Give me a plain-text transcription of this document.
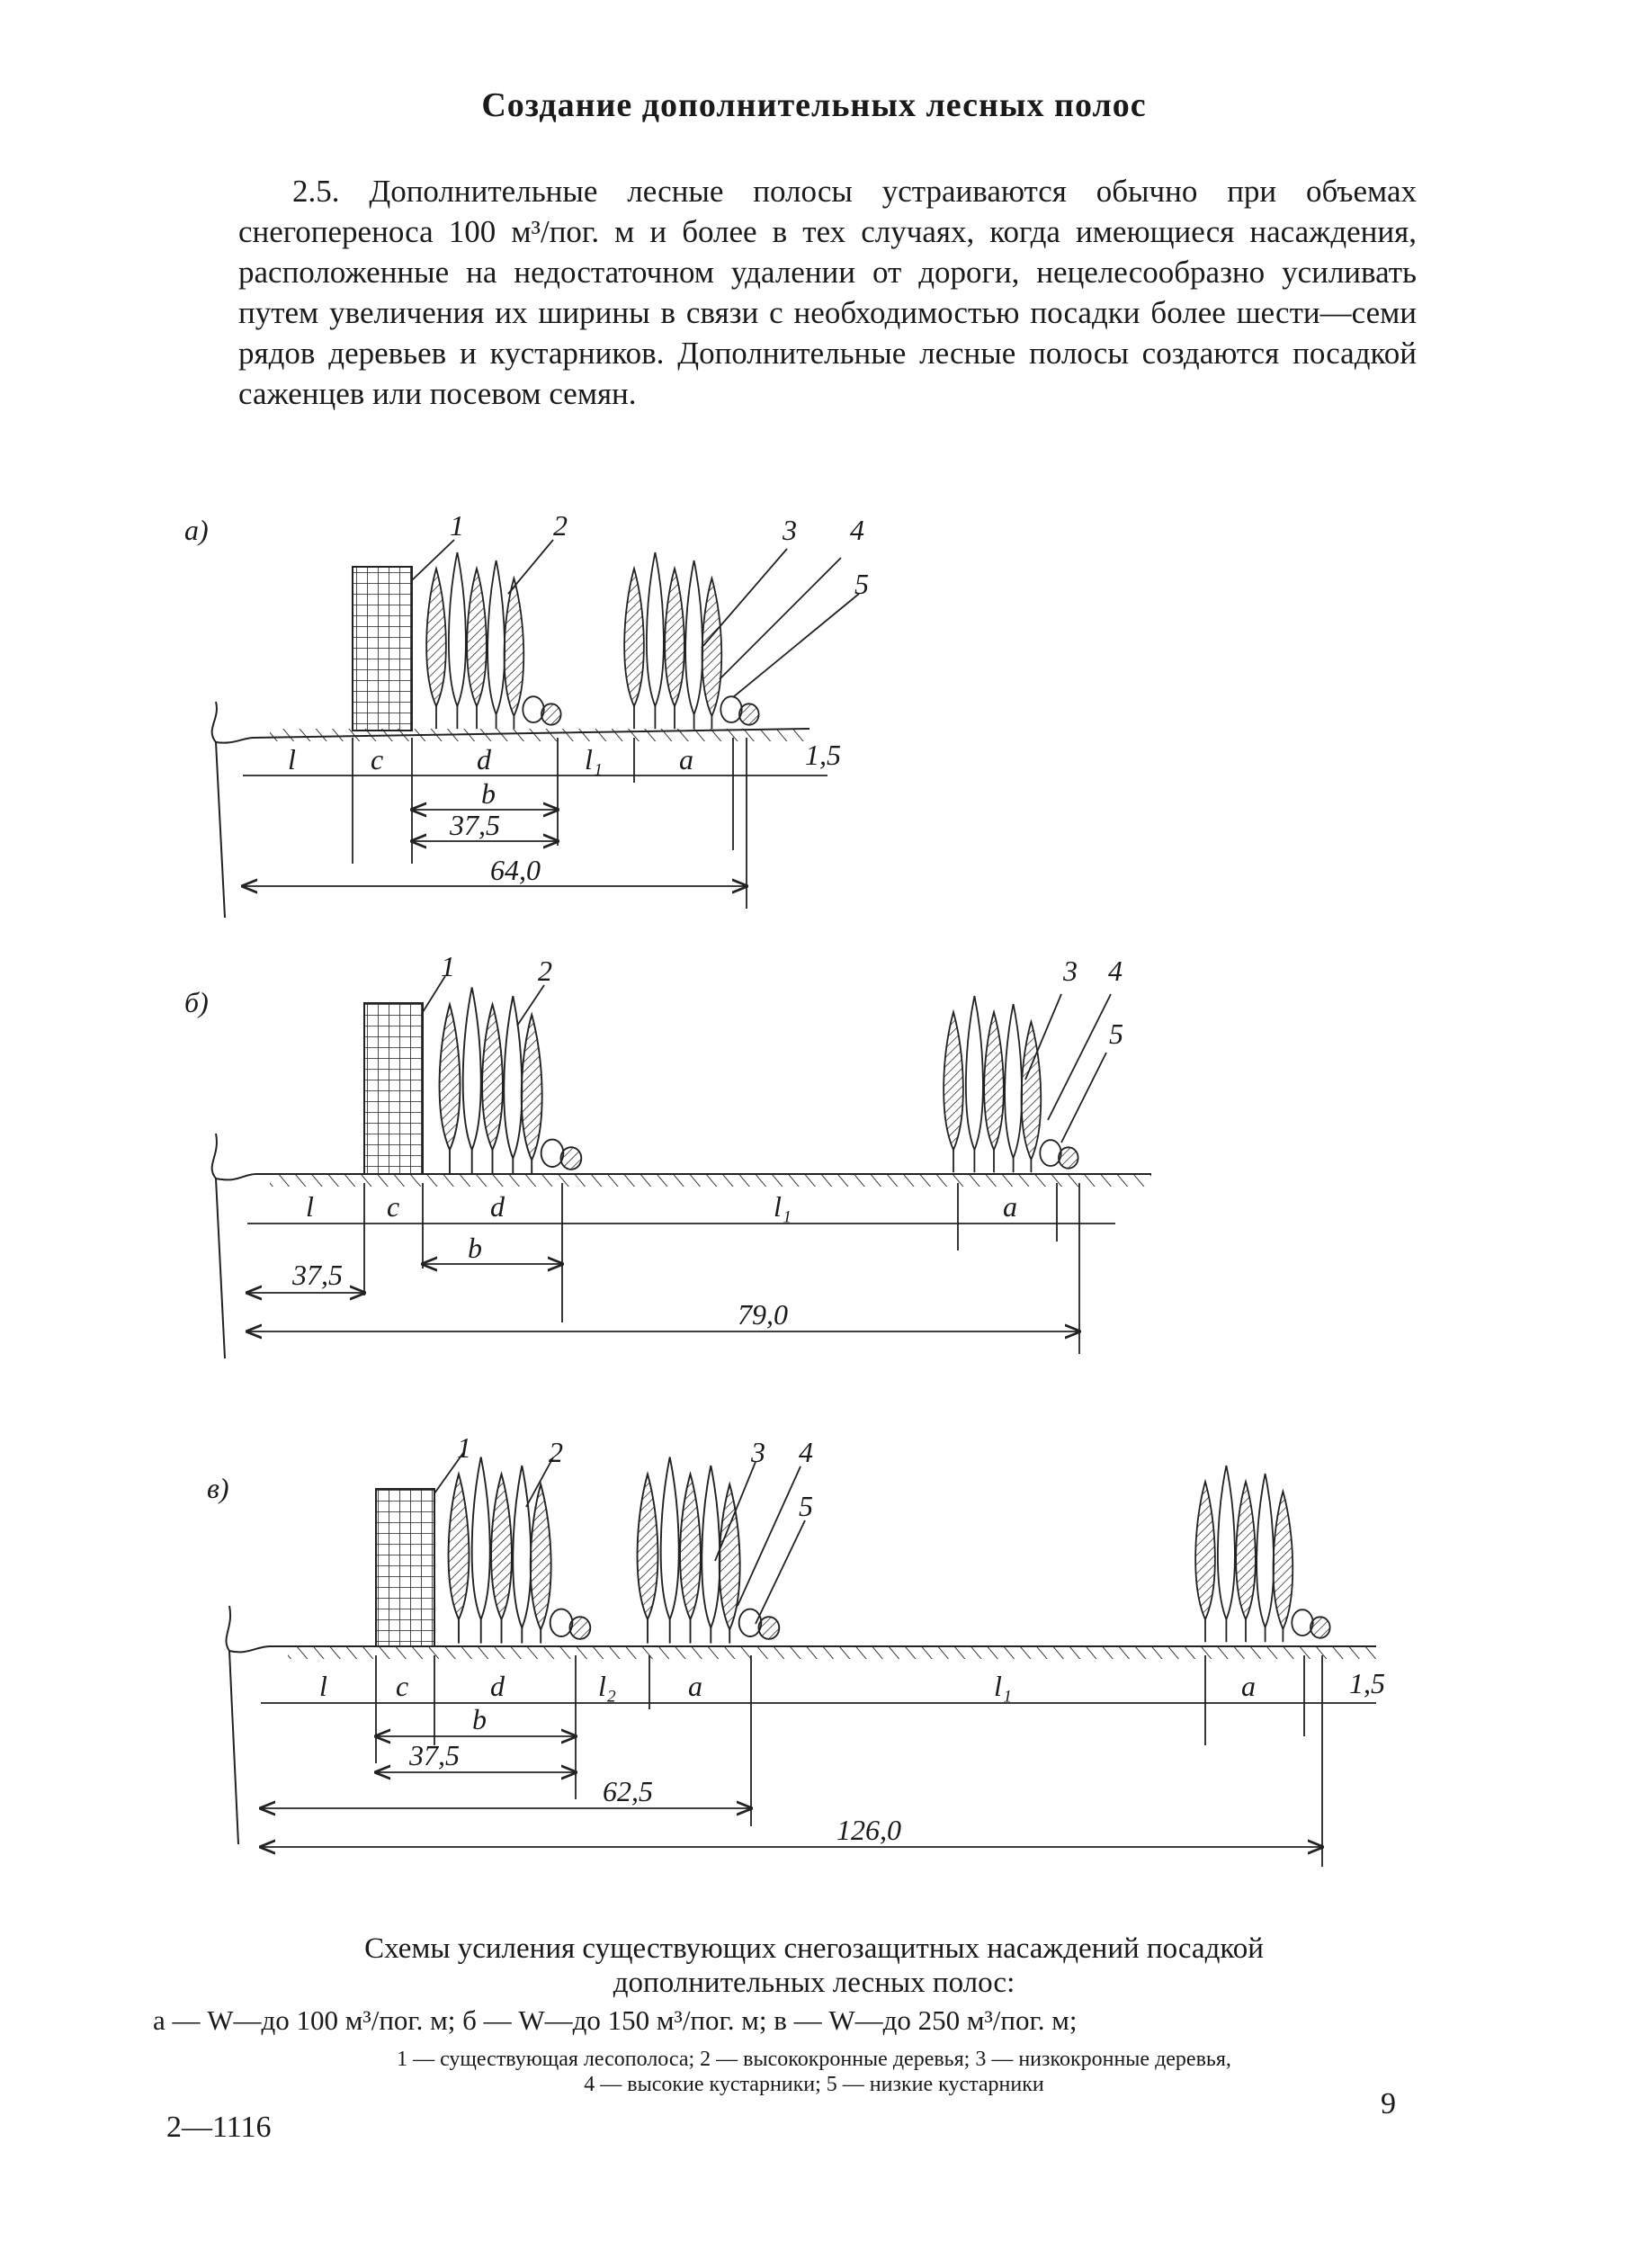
Создание дополнительных лесных полос
2.5. Дополнительные лесные полосы устраиваются обычно при объемах снегопереноса 100 м³/пог. м и более в тех случаях, когда имеющиеся насаждения, расположенные на недостаточном удалении от дороги, нецелесообразно усиливать путем увеличения их ширины в связи с необходимостью посадки более шести—семи рядов деревьев и кустарников. Дополнительные лесные полосы создаются посадкой саженцев или посевом семян.
а)	1	2	3 4
5
l	c	d	l₁	a	1,5
b
37,5
64,0
б)
1	2	3 4
5
l	c	d	l₁	a
b
37,5
79,0
в)
1	2	3 4
5
l c	d	l₂ a	l₁	a	1,5
b
37,5
62,5
126,0
Схемы усиления существующих снегозащитных насаждений посадкой
дополнительных лесных полос:
а — W—до 100 м³/пог. м; б — W—до 150 м³/пог. м; в — W—до 250 м³/пог. м;
1 — существующая лесополоса; 2 — высококронные деревья; 3 — низкокронные деревья,
4 — высокие кустарники; 5 — низкие кустарники
2—1116
9
